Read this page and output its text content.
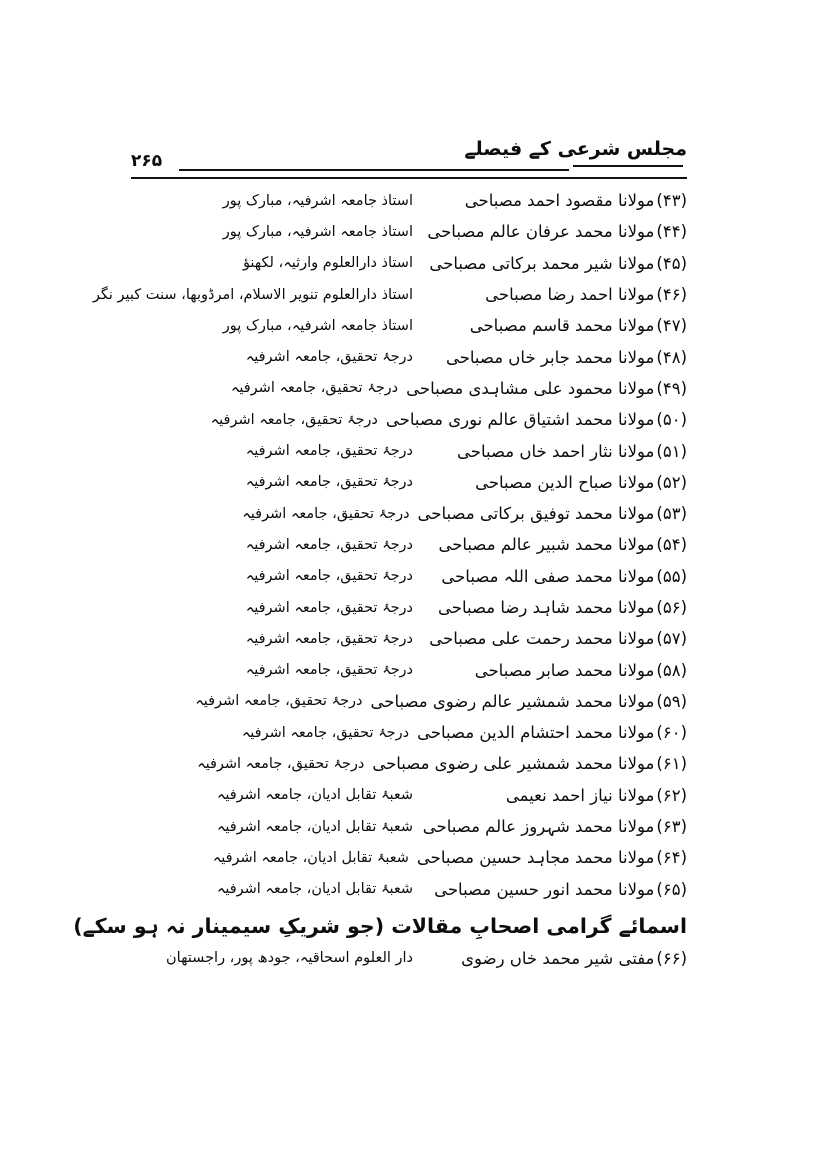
مجلس شرعی کے فیصلے
۲۶۵
(۴۳)مولانا مقصود احمد مصباحی
استاذ جامعہ اشرفیہ، مبارک پور
(۴۴)مولانا محمد عرفان عالم مصباحی
استاذ جامعہ اشرفیہ، مبارک پور
(۴۵)مولانا شیر محمد برکاتی مصباحی
استاذ دارالعلوم وارثیہ، لکھنؤ
(۴۶)مولانا احمد رضا مصباحی
استاذ دارالعلوم تنویر الاسلام، امرڈوبھا، سنت کبیر نگر
(۴۷)مولانا محمد قاسم مصباحی
استاذ جامعہ اشرفیہ، مبارک پور
(۴۸)مولانا محمد جابر خاں مصباحی
درجۂ تحقیق، جامعہ اشرفیہ
(۴۹)مولانا محمود علی مشاہدی مصباحی
درجۂ تحقیق، جامعہ اشرفیہ
(۵۰)مولانا محمد اشتیاق عالم نوری مصباحی
درجۂ تحقیق، جامعہ اشرفیہ
(۵۱)مولانا نثار احمد خاں مصباحی
درجۂ تحقیق، جامعہ اشرفیہ
(۵۲)مولانا صباح الدین مصباحی
درجۂ تحقیق، جامعہ اشرفیہ
(۵۳)مولانا محمد توفیق برکاتی مصباحی
درجۂ تحقیق، جامعہ اشرفیہ
(۵۴)مولانا محمد شبیر عالم مصباحی
درجۂ تحقیق، جامعہ اشرفیہ
(۵۵)مولانا محمد صفی اللہ مصباحی
درجۂ تحقیق، جامعہ اشرفیہ
(۵۶)مولانا محمد شاہد رضا مصباحی
درجۂ تحقیق، جامعہ اشرفیہ
(۵۷)مولانا محمد رحمت علی مصباحی
درجۂ تحقیق، جامعہ اشرفیہ
(۵۸)مولانا محمد صابر مصباحی
درجۂ تحقیق، جامعہ اشرفیہ
(۵۹)مولانا محمد شمشیر عالم رضوی مصباحی
درجۂ تحقیق، جامعہ اشرفیہ
(۶۰)مولانا محمد احتشام الدین مصباحی
درجۂ تحقیق، جامعہ اشرفیہ
(۶۱)مولانا محمد شمشیر علی رضوی مصباحی
درجۂ تحقیق، جامعہ اشرفیہ
(۶۲)مولانا نیاز احمد نعیمی
شعبۂ تقابل ادیان، جامعہ اشرفیہ
(۶۳)مولانا محمد شہروز عالم مصباحی
شعبۂ تقابل ادیان، جامعہ اشرفیہ
(۶۴)مولانا محمد مجاہد حسین مصباحی
شعبۂ تقابل ادیان، جامعہ اشرفیہ
(۶۵)مولانا محمد انور حسین مصباحی
شعبۂ تقابل ادیان، جامعہ اشرفیہ
اسمائے گرامی اصحابِ مقالات (جو شریکِ سیمینار نہ ہو سکے)
(۶۶)مفتی شیر محمد خاں رضوی
دار العلوم اسحاقیہ، جودھ پور، راجستھان
